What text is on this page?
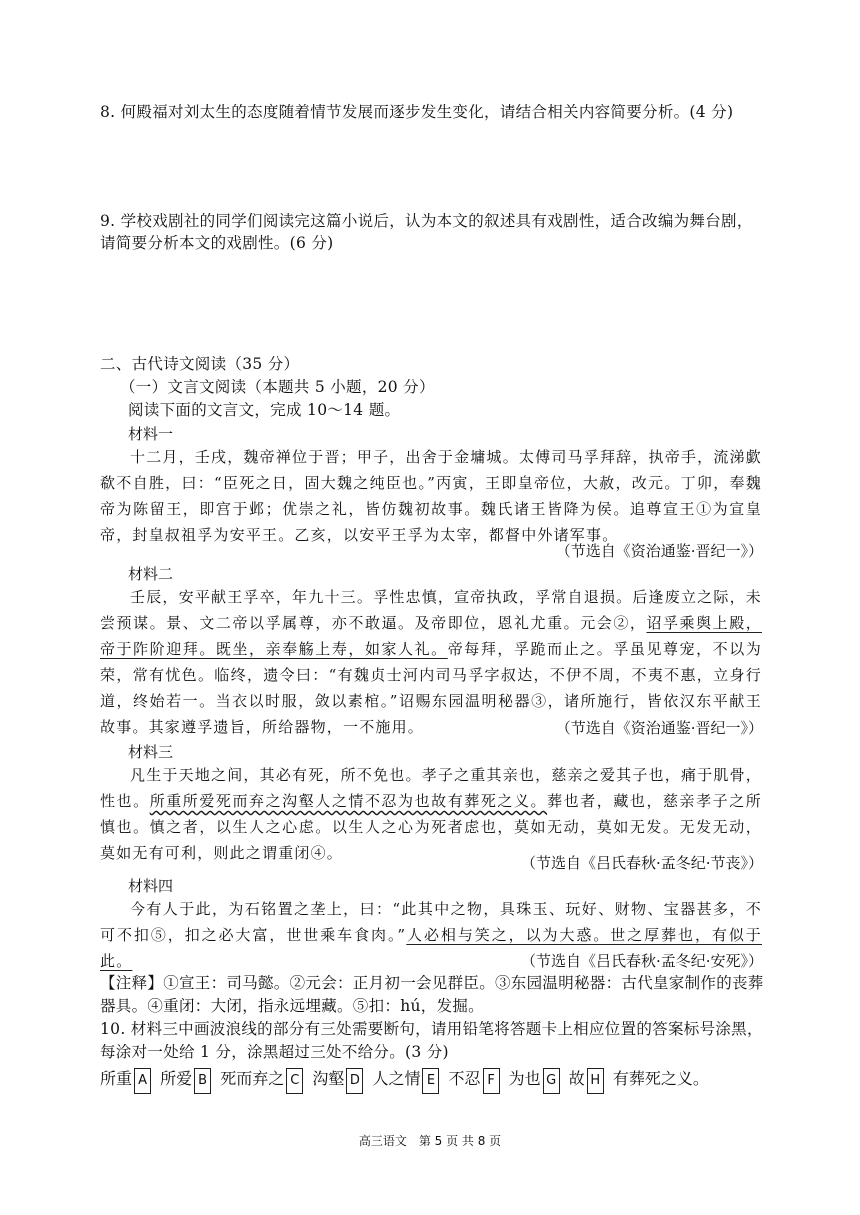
8. 何殿福对刘太生的态度随着情节发展而逐步发生变化，请结合相关内容简要分析。(4 分)
9. 学校戏剧社的同学们阅读完这篇小说后，认为本文的叙述具有戏剧性，适合改编为舞台剧，请简要分析本文的戏剧性。(6 分)
二、古代诗文阅读（35 分）
（一）文言文阅读（本题共 5 小题，20 分）
阅读下面的文言文，完成 10～14 题。
材料一

十二月，壬戌，魏帝禅位于晋；甲子，出舍于金墉城。太傅司马孚拜辞，执帝手，流涕歔欷不自胜，曰：“臣死之日，固大魏之纯臣也。”丙寅，王即皇帝位，大赦，改元。丁卯，奉魏帝为陈留王，即宫于邺；优崇之礼，皆仿魏初故事。魏氏诸王皆降为侯。追尊宣王①为宣皇帝，封皇叔祖孚为安平王。乙亥，以安平王孚为太宰，都督中外诸军事。

（节选自《资治通鉴·晋纪一》）
材料二

壬辰，安平献王孚卒，年九十三。孚性忠慎，宣帝执政，孚常自退损。后逢废立之际，未尝预谋。景、文二帝以孚属尊，亦不敢逼。及帝即位，恩礼尤重。元会②，诏孚乘舆上殿，帝于阼阶迎拜。既坐，亲奉觞上寿，如家人礼。帝每拜，孚跪而止之。孚虽见尊宠，不以为荣，常有忧色。临终，遗令曰：“有魏贞士河内司马孚字叔达，不伊不周，不夷不惠，立身行道，终始若一。当衣以时服，敛以素棺。”诏赐东园温明秘器③，诸所施行，皆依汉东平献王故事。其家遵孚遗旨，所给器物，一不施用。	（节选自《资治通鉴·晋纪一》）
材料三

凡生于天地之间，其必有死，所不免也。孝子之重其亲也，慈亲之爱其子也，痛于肌骨，性也。所重所爱死而弃之沟壑人之情不忍为也故有葬死之义。葬也者，藏也，慈亲孝子之所慎也。慎之者，以生人之心虑。以生人之心为死者虑也，莫如无动，莫如无发。无发无动，莫如无有可利，则此之谓重闭④。

（节选自《吕氏春秋·孟冬纪·节丧》）
材料四

今有人于此，为石铭置之垄上，曰：“此其中之物，具珠玉、玩好、财物、宝器甚多，不可不扣⑤，扣之必大富，世世乘车食肉。”人必相与笑之，以为大惑。世之厚葬也，有似于此。	（节选自《吕氏春秋·孟冬纪·安死》）
【注释】①宣王：司马懿。②元会：正月初一会见群臣。③东园温明秘器：古代皇家制作的丧葬器具。④重闭：大闭，指永远埋藏。⑤扣：hú，发掘。
10. 材料三中画波浪线的部分有三处需要断句，请用铅笔将答题卡上相应位置的答案标号涂黑，每涂对一处给 1 分，涂黑超过三处不给分。(3 分)
所重 A 所爱 B 死而弃之 C 沟壑 D 人之情 E 不忍 F 为也 G 故 H 有葬死之义。
高三语文　第 5 页 共 8 页
